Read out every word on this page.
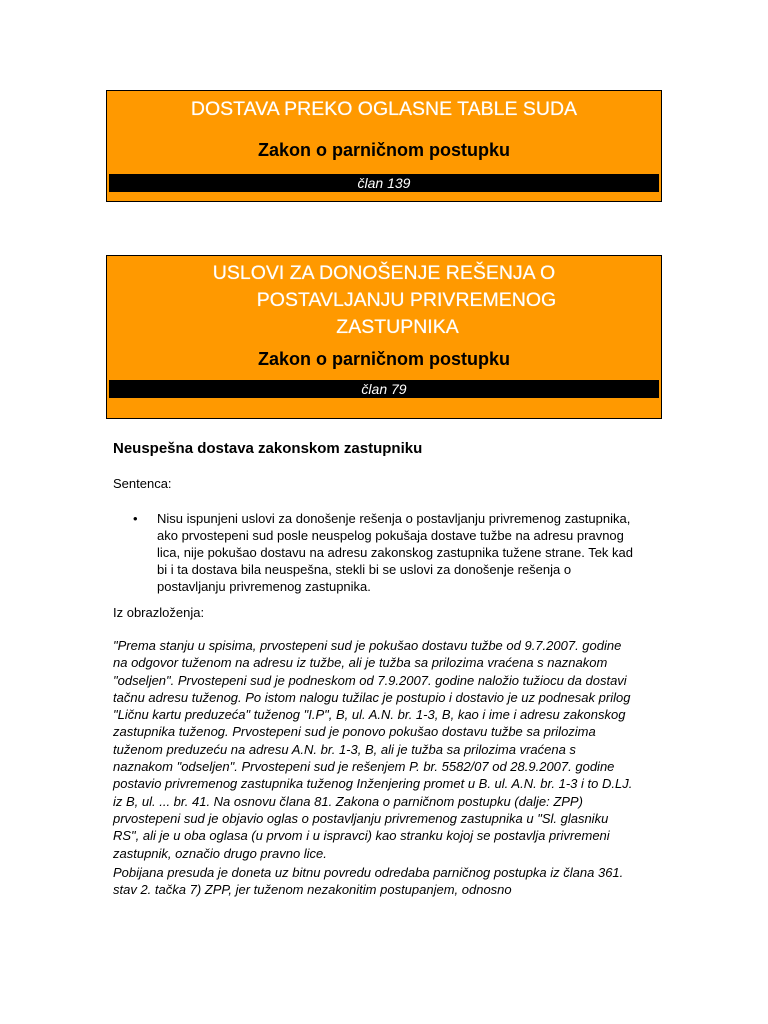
DOSTAVA PREKO OGLASNE TABLE SUDA
Zakon o parničnom postupku
član 139
USLOVI ZA DONOŠENJE REŠENJA O
POSTAVLJANJU PRIVREMENOG
ZASTUPNIKA
Zakon o parničnom postupku
član 79
Neuspešna dostava zakonskom zastupniku

Sentenca:

• Nisu ispunjeni uslovi za donošenje rešenja o postavljanju privremenog zastupnika, ako prvostepeni sud posle neuspelog pokušaja dostave tužbe na adresu pravnog lica, nije pokušao dostavu na adresu zakonskog zastupnika tužene strane. Tek kad bi i ta dostava bila neuspešna, stekli bi se uslovi za donošenje rešenja o postavljanju privremenog zastupnika.

Iz obrazloženja:

"Prema stanju u spisima, prvostepeni sud je pokušao dostavu tužbe od 9.7.2007. godine na odgovor tuženom na adresu iz tužbe, ali je tužba sa prilozima vraćena s naznakom "odseljen". Prvostepeni sud je podneskom od 7.9.2007. godine naložio tužiocu da dostavi tačnu adresu tuženog. Po istom nalogu tužilac je postupio i dostavio je uz podnesak prilog "Ličnu kartu preduzeća" tuženog "I.P", B, ul. A.N. br. 1-3, B, kao i ime i adresu zakonskog zastupnika tuženog. Prvostepeni sud je ponovo pokušao dostavu tužbe sa prilozima tuženom preduzeću na adresu A.N. br. 1-3, B, ali je tužba sa prilozima vraćena s naznakom "odseljen". Prvostepeni sud je rešenjem P. br. 5582/07 od 28.9.2007. godine postavio privremenog zastupnika tuženog Inženjering promet u B. ul. A.N. br. 1-3 i to D.LJ. iz B, ul. ... br. 41. Na osnovu člana 81. Zakona o parničnom postupku (dalje: ZPP) prvostepeni sud je objavio oglas o postavljanju privremenog zastupnika u "Sl. glasniku RS", ali je u oba oglasa (u prvom i u ispravci) kao stranku kojoj se postavlja privremeni zastupnik, označio drugo pravno lice.

Pobijana presuda je doneta uz bitnu povredu odredaba parničnog postupka iz člana 361. stav 2. tačka 7) ZPP, jer tuženom nezakonitim postupanjem, odnosno
